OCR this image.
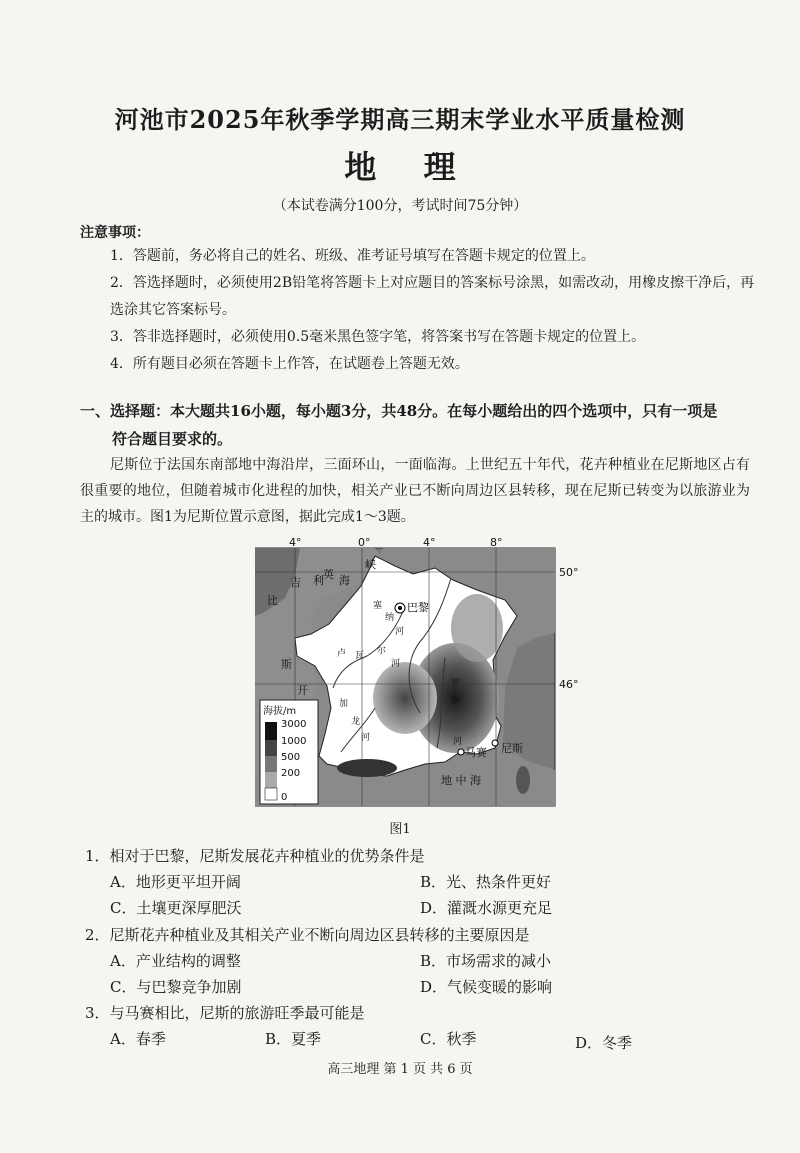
河池市2025年秋季学期高三期末学业水平质量检测
地 理
（本试卷满分100分，考试时间75分钟）
注意事项：
1．答题前，务必将自己的姓名、班级、准考证号填写在答题卡规定的位置上。
2．答选择题时，必须使用2B铅笔将答题卡上对应题目的答案标号涂黑，如需改动，用橡皮擦干净后，再选涂其它答案标号。
3．答非选择题时，必须使用0.5毫米黑色签字笔，将答案书写在答题卡规定的位置上。
4．所有题目必须在答题卡上作答，在试题卷上答题无效。
一、选择题：本大题共16小题，每小题3分，共48分。在每小题给出的四个选项中，只有一项是
符合题目要求的。
尼斯位于法国东南部地中海沿岸，三面环山，一面临海。上世纪五十年代，花卉种植业在尼斯地区占有很重要的地位，但随着城市化进程的加快，相关产业已不断向周边区县转移，现在尼斯已转变为以旅游业为主的城市。图1为尼斯位置示意图，据此完成1～3题。
4°	0°	4°	8°
50°
46°
英
吉 利 海
峡
比
斯
开
塞
纳
河
卢 瓦 尔
河
加
龙
河
罗
讷
河
巴黎
马赛 尼斯
地 中 海
海拔/m
3000
1000
500
200
0
图1
1．相对于巴黎，尼斯发展花卉种植业的优势条件是
A．地形更平坦开阔	B．光、热条件更好
C．土壤更深厚肥沃	D．灌溉水源更充足
2．尼斯花卉种植业及其相关产业不断向周边区县转移的主要原因是
A．产业结构的调整	B．市场需求的减小
C．与巴黎竞争加剧	D．气候变暖的影响
3．与马赛相比，尼斯的旅游旺季最可能是
A．春季	B．夏季	C．秋季	D．冬季
高三地理 第 1 页 共 6 页
